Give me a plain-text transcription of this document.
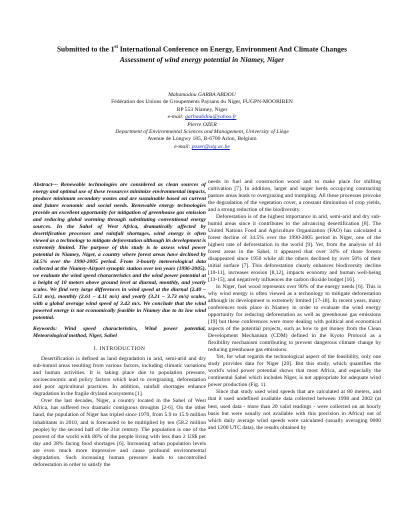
Submitted to the 1st International Conference on Energy, Environment And Climate Changes
Assessment of wind energy potential in Niamey, Niger
Mahamadou GARBA ABDOU
Fédération des Unions de Groupements Paysans du Niger, FUGPN-MOORIBEN
BP 553 Niamey, Niger
e-mail: garbaabdou@yahoo.fr
Pierre OZER
Department of Environmental Sciences and Management, University of Liège
Avenue de Longwy 185, B-6700 Arlon, Belgium
e-mail: pozer@ulg.ac.be

Abstract— Renewable technologies are considered as clean sources of energy and optimal use of these resources minimize environmental impacts, produce minimum secondary wastes and are sustainable based on current and future economic and social needs. Renewable energy technologies provide an excellent opportunity for mitigation of greenhouse gas emission and reducing global warming through substituting conventional energy sources. In the Sahel of West Africa, dramatically affected by desertification processes and rainfall shortages, wind energy is often viewed as a technology to mitigate deforestation although its development is extremely limited. The purpose of this study is to assess wind power potential in Niamey, Niger, a country where forest areas have declined by 34.5% over the 1990-2005 period. From 3-hourly meteorological data collected at the Niamey-Airport synoptic station over ten years (1996-2005), we evaluate the wind speed characteristics and the wind power potential at a height of 10 meters above ground level at diurnal, monthly, and yearly scales. We find very large differences in wind speed at the diurnal (2.40 – 5.11 m/s), monthly (2.61 – 4.11 m/s) and yearly (3.21 – 3.73 m/s) scales, with a global average wind speed of 3.42 m/s. We conclude that the wind powered energy is not economically feasible in Niamey due to its low wind potential.

Keywords: Wind speed characteristics, Wind power potential, Meteorological method, Niger, Sahel

I. INTRODUCTION

Desertification is defined as land degradation in arid, semi-arid and dry sub-humid areas resulting from various factors, including climatic variations and human activities. It is taking place due to population pressure, socioeconomic and policy factors which lead to overgrazing, deforestation and poor agricultural practices. In addition, rainfall shortages enhance degradation in the fragile dryland ecosystems [1].

Over the last decades, Niger, a country located in the Sahel of West Africa, has suffered two dramatic contiguous droughts [2-6]. On the other hand, the population of Niger has tripled since 1970, from 5.9 to 15.9 million inhabitants in 2010, and is forecasted to be multiplied by ten (58.2 million people) by the second half of the 21st century. The population is one of the poorest of the world with 86% of the people living with less than 2 US$ per day and 28% facing food shortages [6]. Increasing urban population levels are even much more impressive and cause profound environmental degradation. Such increasing human pressure leads to uncontrolled deforestation in order to satisfy the

needs in fuel and construction wood and to make place for shifting cultivation [7]. In addition, larger and larger herds occupying contracting pasture areas leads to overgrazing and trampling. All these processes provoke the degradation of the vegetation cover, a constant diminution of crop yields, and a strong reduction of the biodiversity.

Deforestation is of the highest importance in arid, semi-arid and dry sub-humid areas since it contributes to the advancing desertification [8]. The United Nations Food and Agriculture Organization (FAO) has calculated a forest decline of 34.5% over the 1990-2005 period in Niger, one of the highest rate of deforestation in the world [9]. Yet, from the analysis of 44 forest areas in the Sahel, it appeared that over 34% of those forests disappeared since 1950 while all the others declined by over 50% of their initial surface [7]. This deforestation clearly enhances biodiversity decline [10-11], increases erosion [8,12], impacts economy and human well-being [13-15], and negatively influences the carbon dioxide budget [16].

In Niger, fuel wood represents over 90% of the energy needs [6]. This is why wind energy is often viewed as a technology to mitigate deforestation although its development is extremely limited [17-18]. In recent years, many conferences took place in Niamey in order to evaluate the wind energy opportunity for reducing deforestation as well as greenhouse gas emissions [19] but these conferences were more dealing with political and economical aspects of the potential projects, such as how to get money from the Clean Development Mechanism (CDM) defined in the Kyoto Protocol as a flexibility mechanism contributing to prevent dangerous climate change by reducing greenhouse gas emissions.

Yet, for what regards the technological aspect of the feasibility, only one study provides data for Niger [20]. But this study, which quantifies the world's wind power potential shows that most Africa, and especially the continental Sahel which includes Niger, is not appropriate for adequate wind power production (Fig. 1).

Since that study used wind speeds that are calculated at 80 meters, and that it used undefined available data collected between 1998 and 2002 (at best, used data - more than 20 valid readings - were collected on an hourly basis but were usually not available with this precision in Africa) out of which daily average wind speeds were calculated (usually averaging 0000 and 1200 UTC data), the results obtained by
